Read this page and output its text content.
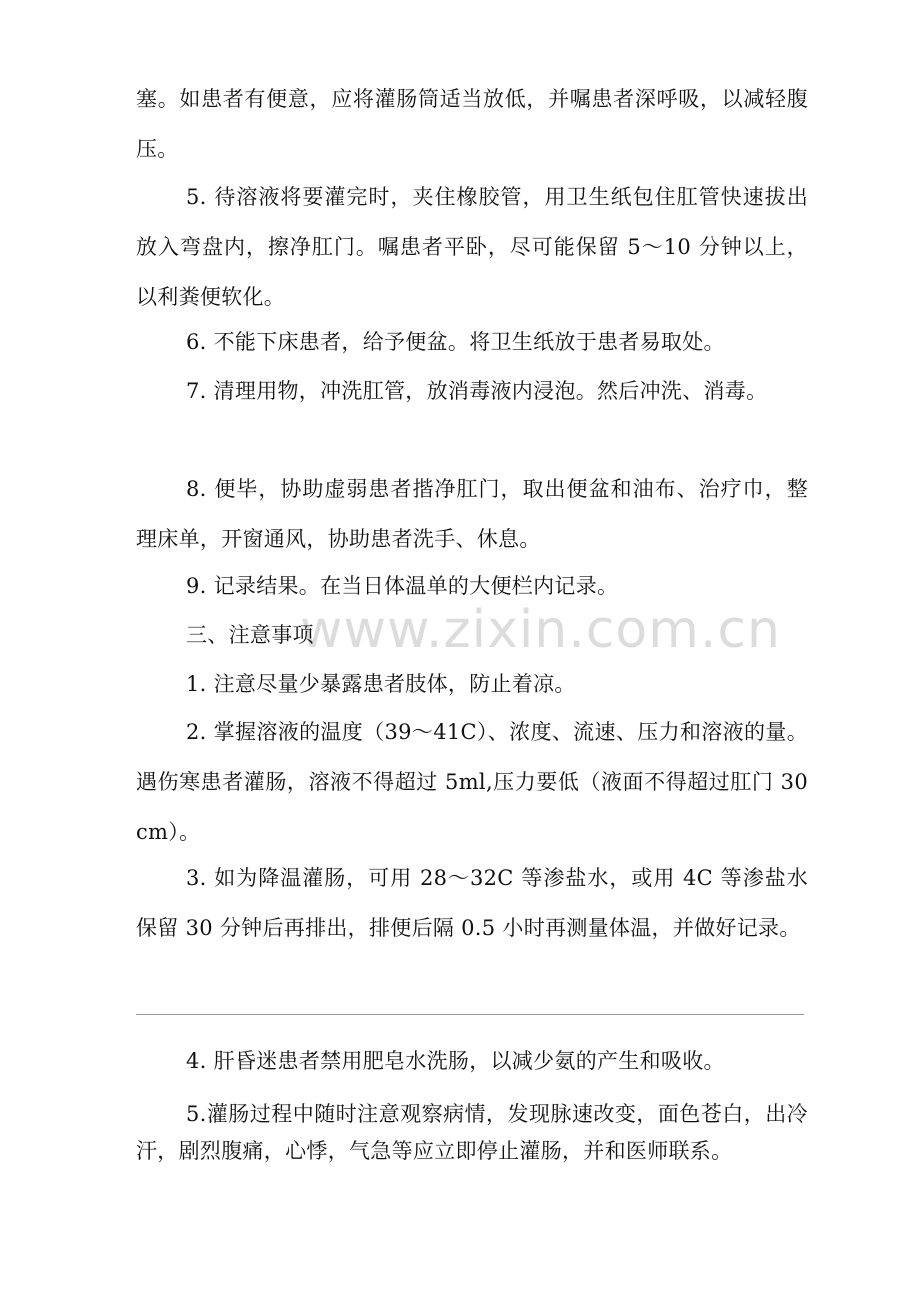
www.zixin.com.cn

塞。如患者有便意，应将灌肠筒适当放低，并嘱患者深呼吸，以减轻腹压。

5. 待溶液将要灌完时，夹住橡胶管，用卫生纸包住肛管快速拔出放入弯盘内，擦净肛门。嘱患者平卧，尽可能保留 5～10 分钟以上，以利粪便软化。

6. 不能下床患者，给予便盆。将卫生纸放于患者易取处。

7. 清理用物，冲洗肛管，放消毒液内浸泡。然后冲洗、消毒。

8. 便毕，协助虚弱患者揩净肛门，取出便盆和油布、治疗巾，整理床单，开窗通风，协助患者洗手、休息。

9. 记录结果。在当日体温单的大便栏内记录。

三、注意事项

1. 注意尽量少暴露患者肢体，防止着凉。

2. 掌握溶液的温度（39～41C）、浓度、流速、压力和溶液的量。遇伤寒患者灌肠，溶液不得超过 5ml,压力要低（液面不得超过肛门 30cm）。

3. 如为降温灌肠，可用 28～32C 等渗盐水，或用 4C 等渗盐水保留 30 分钟后再排出，排便后隔 0.5 小时再测量体温，并做好记录。

4. 肝昏迷患者禁用肥皂水洗肠，以减少氨的产生和吸收。

5.灌肠过程中随时注意观察病情，发现脉速改变，面色苍白，出冷汗，剧烈腹痛，心悸，气急等应立即停止灌肠，并和医师联系。
